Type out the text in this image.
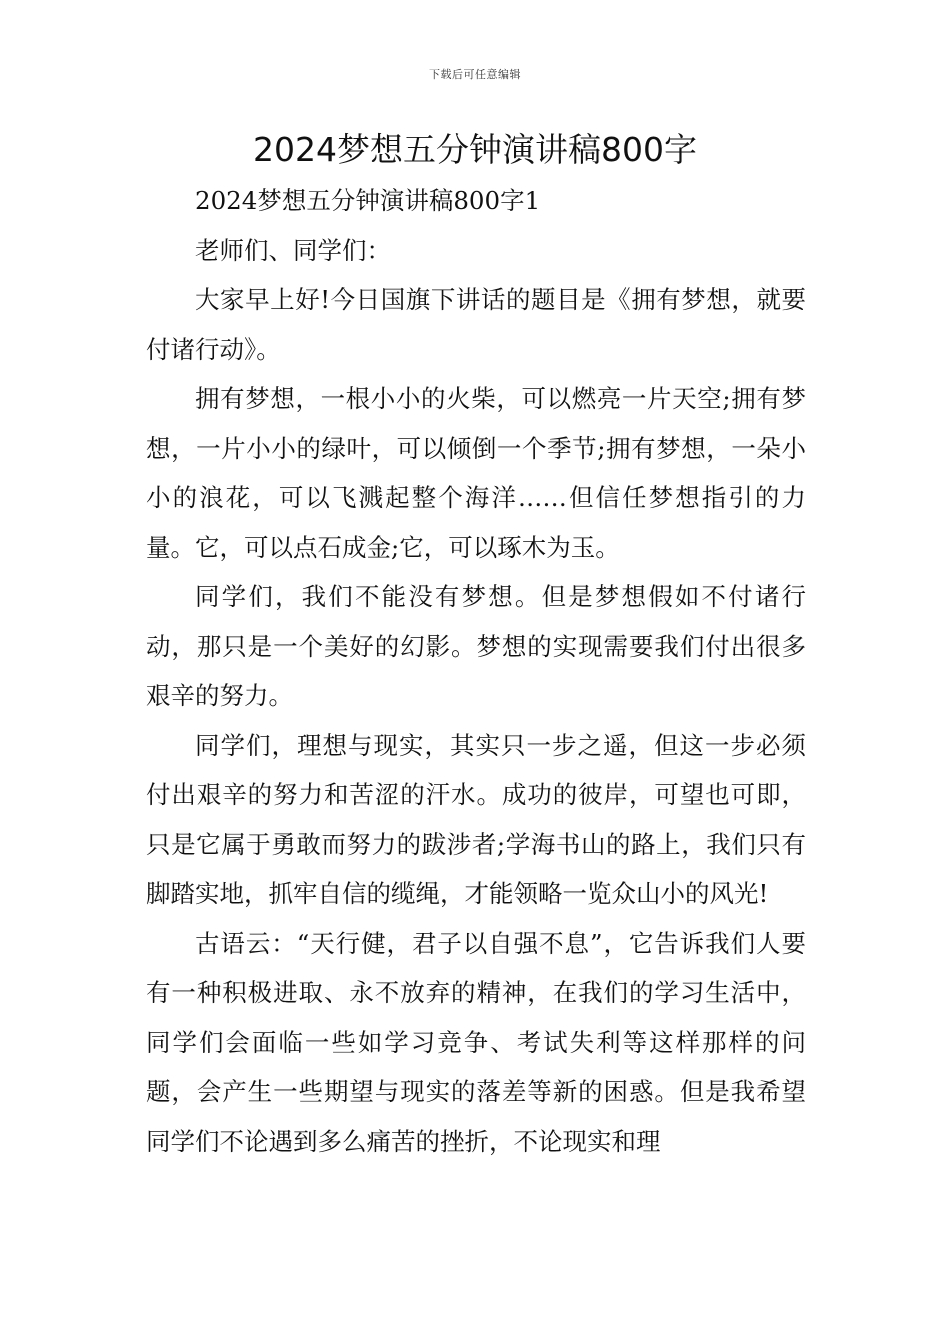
下载后可任意编辑
2024梦想五分钟演讲稿800字

2024梦想五分钟演讲稿800字1

老师们、同学们：

大家早上好!今日国旗下讲话的题目是《拥有梦想，就要付诸行动》。

拥有梦想，一根小小的火柴，可以燃亮一片天空;拥有梦想，一片小小的绿叶，可以倾倒一个季节;拥有梦想，一朵小小的浪花，可以飞溅起整个海洋……但信任梦想指引的力量。它，可以点石成金;它，可以琢木为玉。

同学们，我们不能没有梦想。但是梦想假如不付诸行动，那只是一个美好的幻影。梦想的实现需要我们付出很多艰辛的努力。

同学们，理想与现实，其实只一步之遥，但这一步必须付出艰辛的努力和苦涩的汗水。成功的彼岸，可望也可即，只是它属于勇敢而努力的跋涉者;学海书山的路上，我们只有脚踏实地，抓牢自信的缆绳，才能领略一览众山小的风光!

古语云：“天行健，君子以自强不息”，它告诉我们人要有一种积极进取、永不放弃的精神，在我们的学习生活中，同学们会面临一些如学习竞争、考试失利等这样那样的问题，会产生一些期望与现实的落差等新的困惑。但是我希望同学们不论遇到多么痛苦的挫折，不论现实和理
